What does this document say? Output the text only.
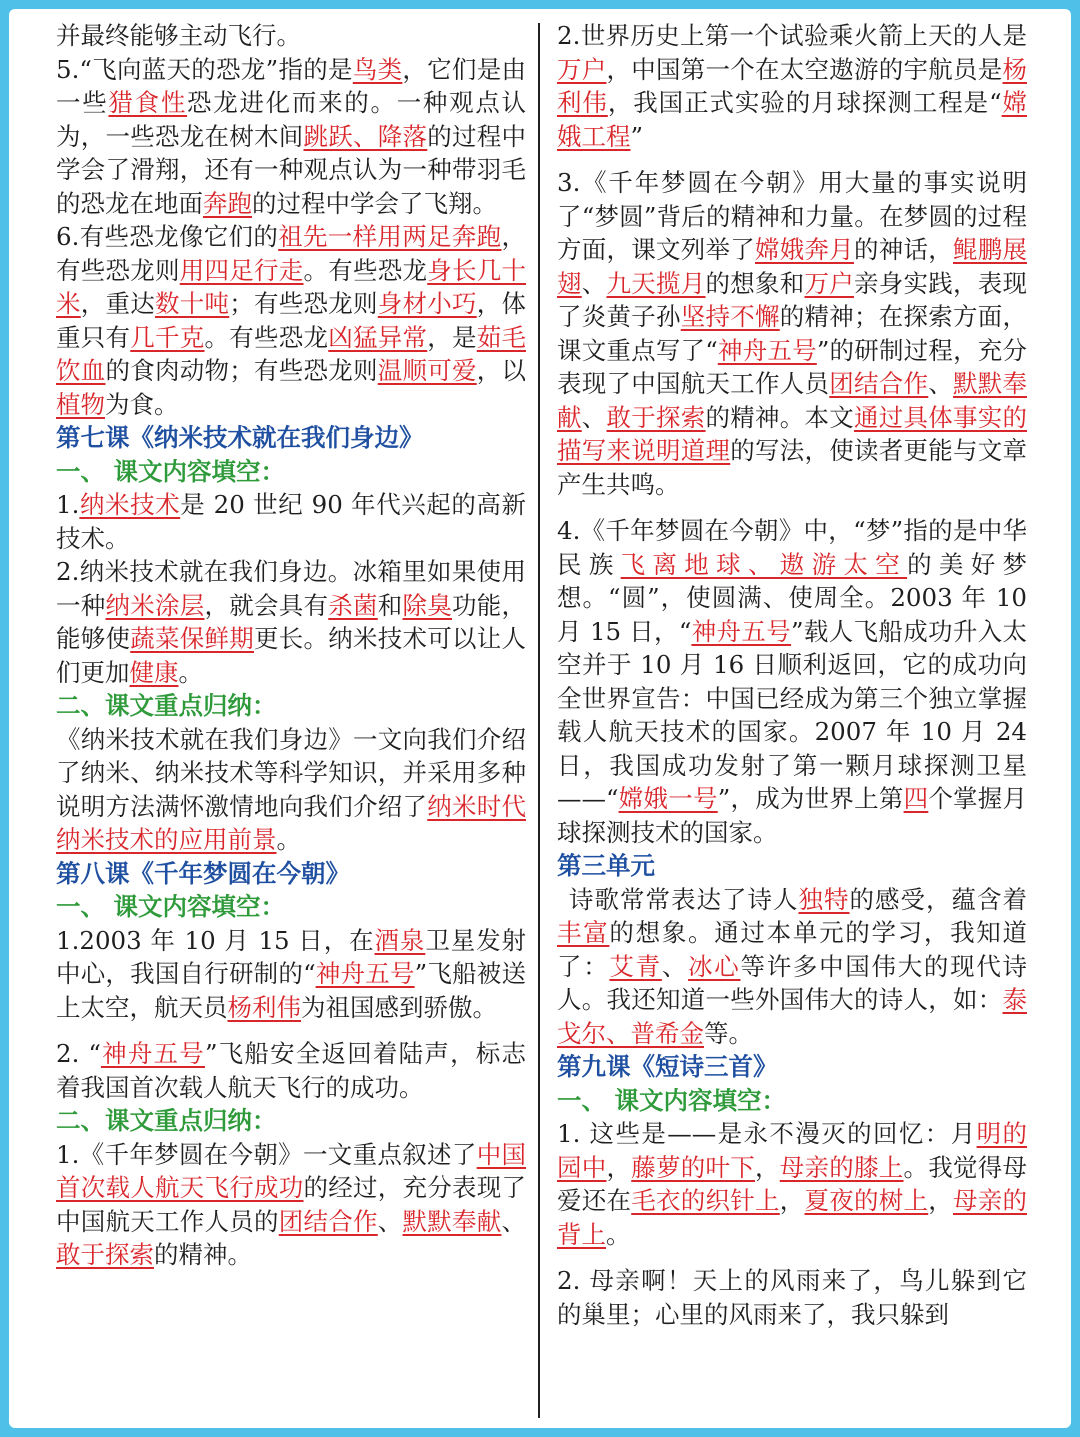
并最终能够主动飞行。

5.“飞向蓝天的恐龙”指的是鸟类，它们是由一些猎食性恐龙进化而来的。一种观点认为，一些恐龙在树木间跳跃、降落的过程中学会了滑翔，还有一种观点认为一种带羽毛的恐龙在地面奔跑的过程中学会了飞翔。

6.有些恐龙像它们的祖先一样用两足奔跑，有些恐龙则用四足行走。有些恐龙身长几十米，重达数十吨；有些恐龙则身材小巧，体重只有几千克。有些恐龙凶猛异常，是茹毛饮血的食肉动物；有些恐龙则温顺可爱，以植物为食。

第七课《纳米技术就在我们身边》

一、 课文内容填空：

1.纳米技术是 20 世纪 90 年代兴起的高新技术。

2.纳米技术就在我们身边。冰箱里如果使用一种纳米涂层，就会具有杀菌和除臭功能，能够使蔬菜保鲜期更长。纳米技术可以让人们更加健康。

二、课文重点归纳：

《纳米技术就在我们身边》一文向我们介绍了纳米、纳米技术等科学知识，并采用多种说明方法满怀激情地向我们介绍了纳米时代纳米技术的应用前景。

第八课《千年梦圆在今朝》

一、 课文内容填空：

1.2003 年 10 月 15 日，在酒泉卫星发射中心，我国自行研制的“神舟五号”飞船被送上太空，航天员杨利伟为祖国感到骄傲。

2. “神舟五号”飞船安全返回着陆声，标志着我国首次载人航天飞行的成功。

二、课文重点归纳：

1.《千年梦圆在今朝》一文重点叙述了中国首次载人航天飞行成功的经过，充分表现了中国航天工作人员的团结合作、默默奉献、敢于探索的精神。

2.世界历史上第一个试验乘火箭上天的人是万户，中国第一个在太空遨游的宇航员是杨利伟，我国正式实验的月球探测工程是“嫦娥工程”

3.《千年梦圆在今朝》用大量的事实说明了“梦圆”背后的精神和力量。在梦圆的过程方面，课文列举了嫦娥奔月的神话，鲲鹏展翅、九天揽月的想象和万户亲身实践，表现了炎黄子孙坚持不懈的精神；在探索方面，课文重点写了“神舟五号”的研制过程，充分表现了中国航天工作人员团结合作、默默奉献、敢于探索的精神。本文通过具体事实的描写来说明道理的写法，使读者更能与文章产生共鸣。

4.《千年梦圆在今朝》中，“梦”指的是中华民族飞离地球、遨游太空的美好梦想。“圆”，使圆满、使周全。2003 年 10 月 15 日，“神舟五号”载人飞船成功升入太空并于 10 月 16 日顺利返回，它的成功向全世界宣告：中国已经成为第三个独立掌握载人航天技术的国家。2007 年 10 月 24 日，我国成功发射了第一颗月球探测卫星——“嫦娥一号”，成为世界上第四个掌握月球探测技术的国家。

第三单元

诗歌常常表达了诗人独特的感受，蕴含着丰富的想象。通过本单元的学习，我知道了：艾青、冰心等许多中国伟大的现代诗人。我还知道一些外国伟大的诗人，如：泰戈尔、普希金等。

第九课《短诗三首》

一、 课文内容填空：

1. 这些是——是永不漫灭的回忆：月明的园中，藤萝的叶下，母亲的膝上。我觉得母爱还在毛衣的织针上，夏夜的树上，母亲的背上。

2. 母亲啊！天上的风雨来了，鸟儿躲到它的巢里；心里的风雨来了，我只躲到
